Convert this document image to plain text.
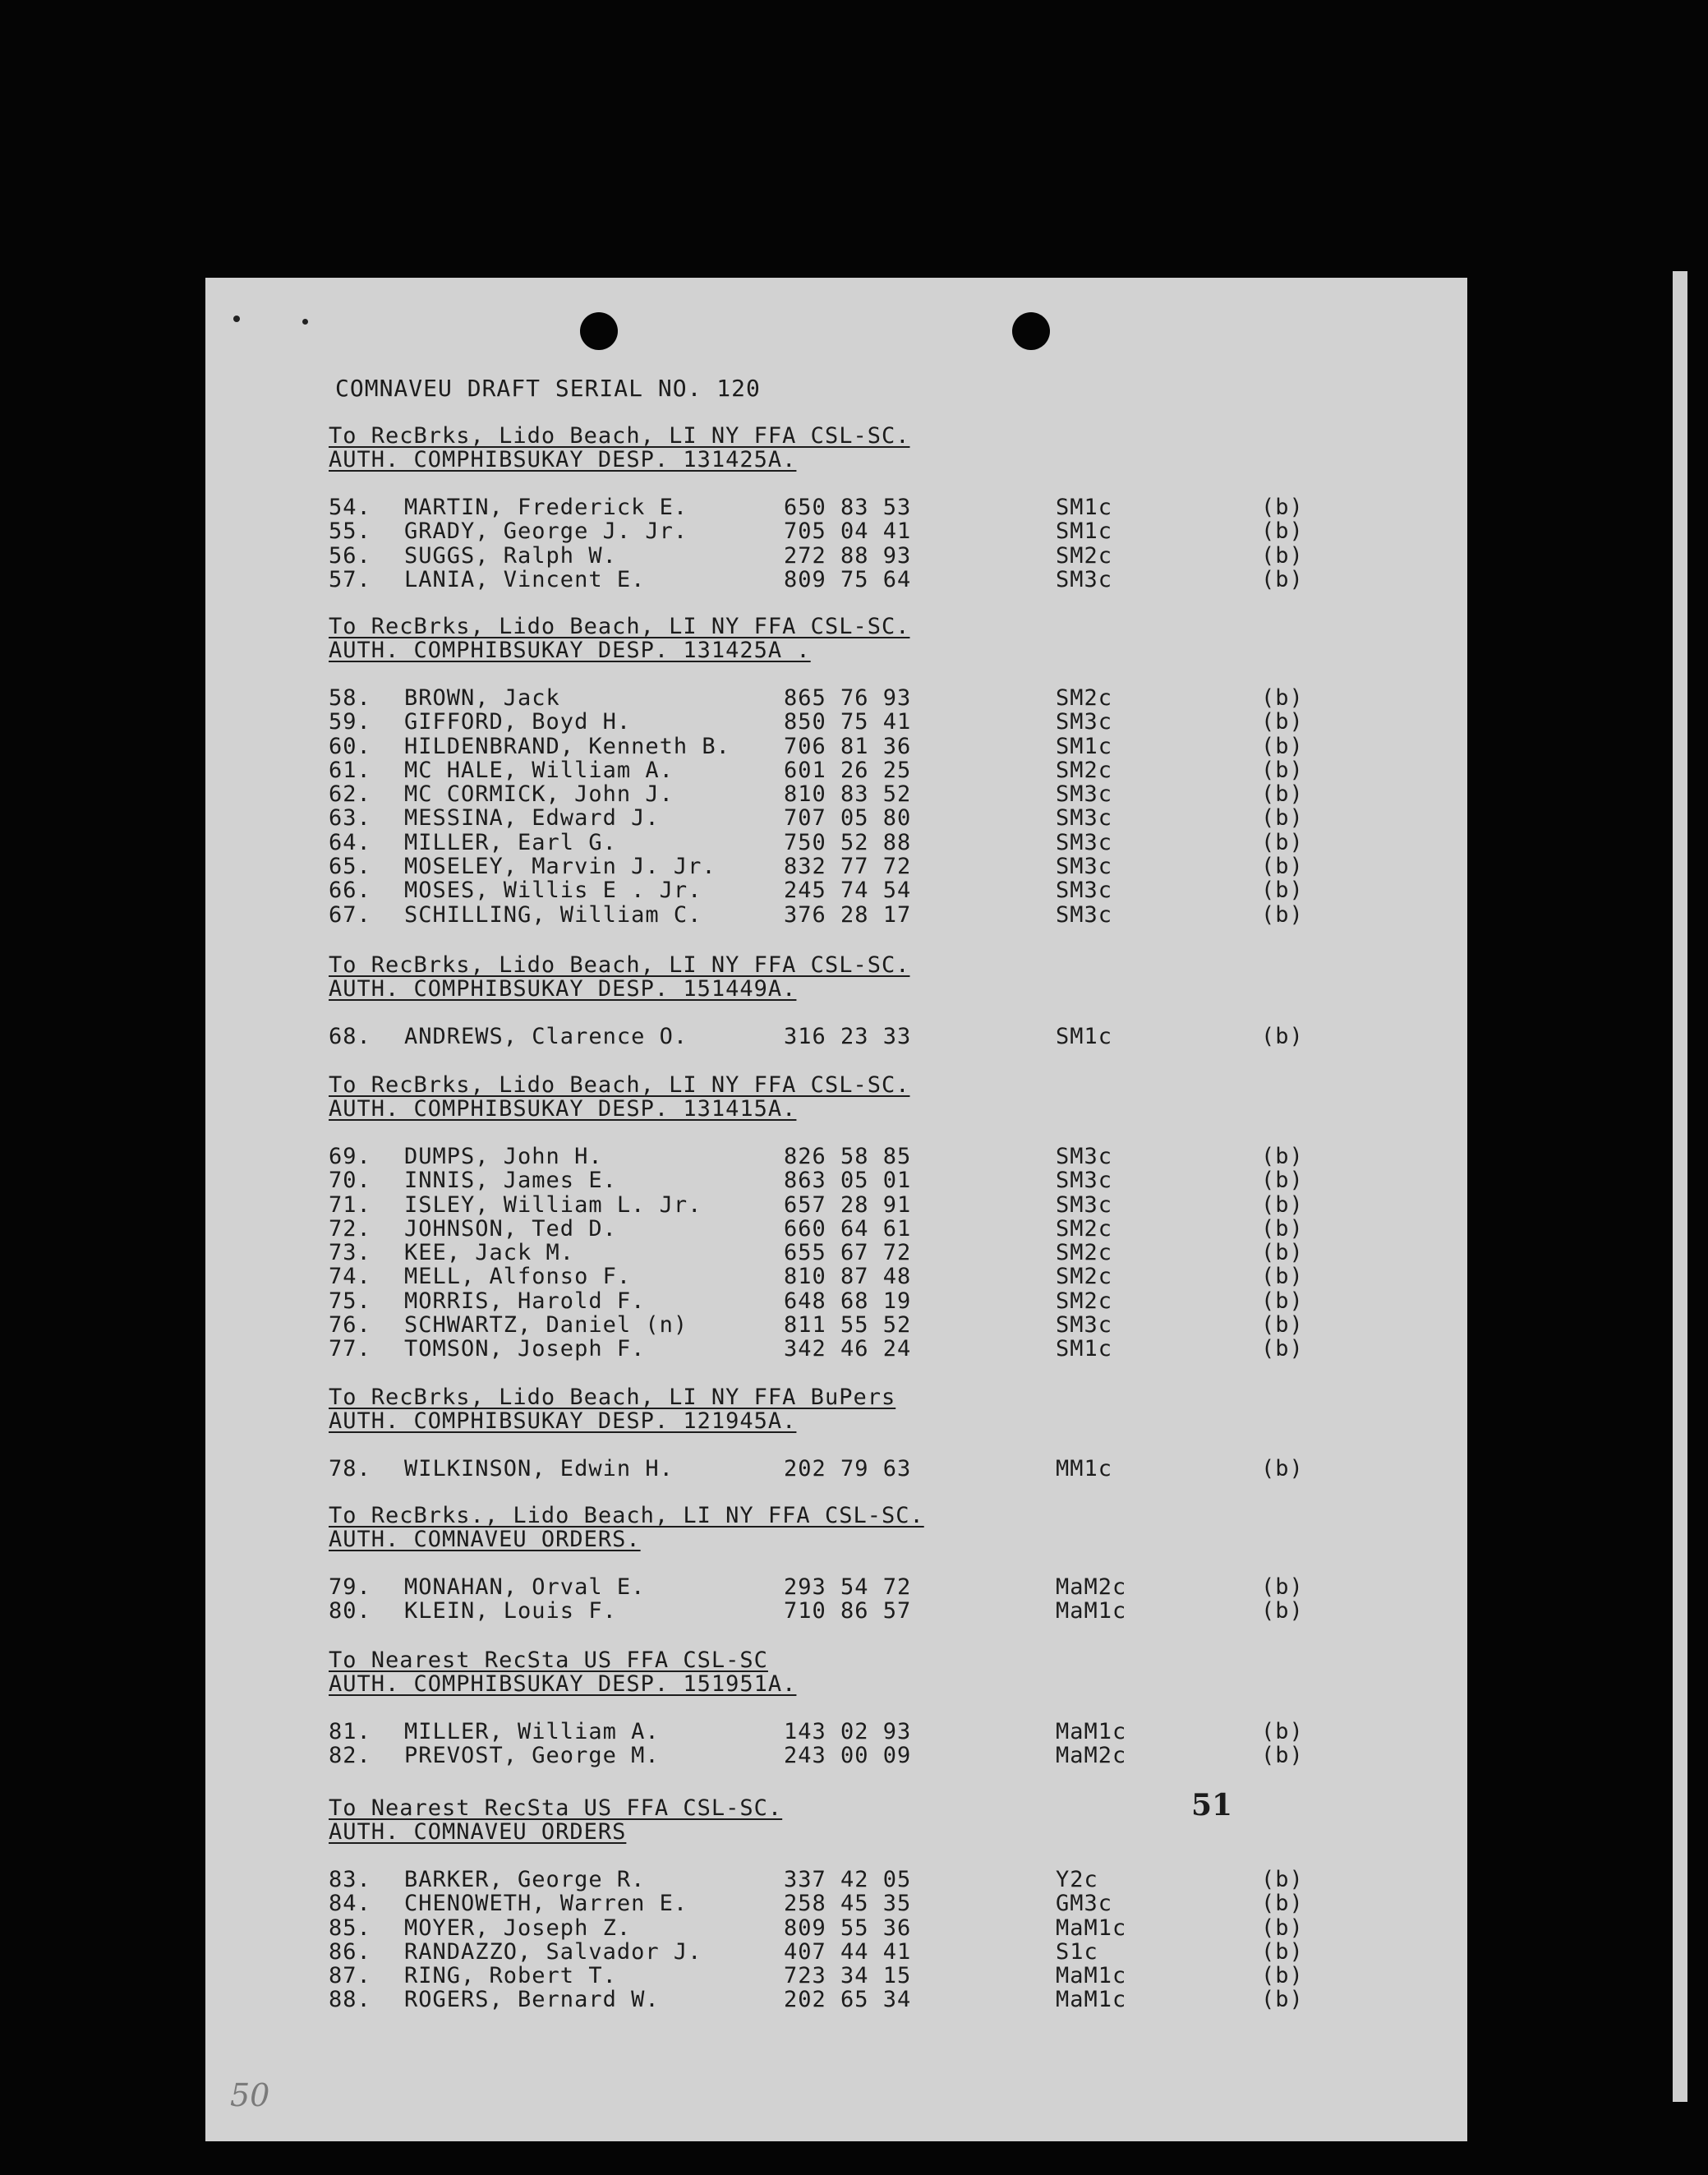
COMNAVEU DRAFT SERIAL NO. 120
To RecBrks, Lido Beach, LI NY FFA CSL-SC.
AUTH. COMPHIBSUKAY DESP. 131425A.
54. MARTIN, Frederick E.	650 83 53	SM1c	(b)
55. GRADY, George J. Jr.	705 04 41	SM1c	(b)
56. SUGGS, Ralph W.	272 88 93	SM2c	(b)
57. LANIA, Vincent E.	809 75 64	SM3c	(b)
To RecBrks, Lido Beach, LI NY FFA CSL-SC.
AUTH. COMPHIBSUKAY DESP. 131425A .
58. BROWN, Jack	865 76 93	SM2c	(b)
59. GIFFORD, Boyd H.	850 75 41	SM3c	(b)
60. HILDENBRAND, Kenneth B. 706 81 36	SM1c	(b)
61. MC HALE, William A.	601 26 25	SM2c	(b)
62. MC CORMICK, John J.	810 83 52	SM3c	(b)
63. MESSINA, Edward J.	707 05 80	SM3c	(b)
64. MILLER, Earl G.	750 52 88	SM3c	(b)
65. MOSELEY, Marvin J. Jr.	832 77 72	SM3c	(b)
66. MOSES, Willis E . Jr.	245 74 54	SM3c	(b)
67. SCHILLING, William C.	376 28 17	SM3c	(b)
To RecBrks, Lido Beach, LI NY FFA CSL-SC.
AUTH. COMPHIBSUKAY DESP. 151449A.
68. ANDREWS, Clarence O.	316 23 33	SM1c	(b)
To RecBrks, Lido Beach, LI NY FFA CSL-SC.
AUTH. COMPHIBSUKAY DESP. 131415A.
69. DUMPS, John H.	826 58 85	SM3c	(b)
70. INNIS, James E.	863 05 01	SM3c	(b)
71. ISLEY, William L. Jr.	657 28 91	SM3c	(b)
72. JOHNSON, Ted D.	660 64 61	SM2c	(b)
73. KEE, Jack M.	655 67 72	SM2c	(b)
74. MELL, Alfonso F.	810 87 48	SM2c	(b)
75. MORRIS, Harold F.	648 68 19	SM2c	(b)
76. SCHWARTZ, Daniel (n)	811 55 52	SM3c	(b)
77. TOMSON, Joseph F.	342 46 24	SM1c	(b)
To RecBrks, Lido Beach, LI NY FFA BuPers
AUTH. COMPHIBSUKAY DESP. 121945A.
78. WILKINSON, Edwin H.	202 79 63	MM1c	(b)
To RecBrks., Lido Beach, LI NY FFA CSL-SC.
AUTH. COMNAVEU ORDERS.
79. MONAHAN, Orval E.	293 54 72	MaM2c	(b)
80. KLEIN, Louis F.	710 86 57	MaM1c	(b)
To Nearest RecSta US FFA CSL-SC
AUTH. COMPHIBSUKAY DESP. 151951A.
81. MILLER, William A.	143 02 93	MaM1c	(b)
82. PREVOST, George M.	243 00 09	MaM2c	(b)
To Nearest RecSta US FFA CSL-SC.
AUTH. COMNAVEU ORDERS
83. BARKER, George R.	337 42 05	Y2c	(b)
84. CHENOWETH, Warren E.	258 45 35	GM3c	(b)
85. MOYER, Joseph Z.	809 55 36	MaM1c	(b)
86. RANDAZZO, Salvador J.	407 44 41	S1c	(b)
87. RING, Robert T.	723 34 15	MaM1c	(b)
88. ROGERS, Bernard W.	202 65 34	MaM1c	(b)
51
50
